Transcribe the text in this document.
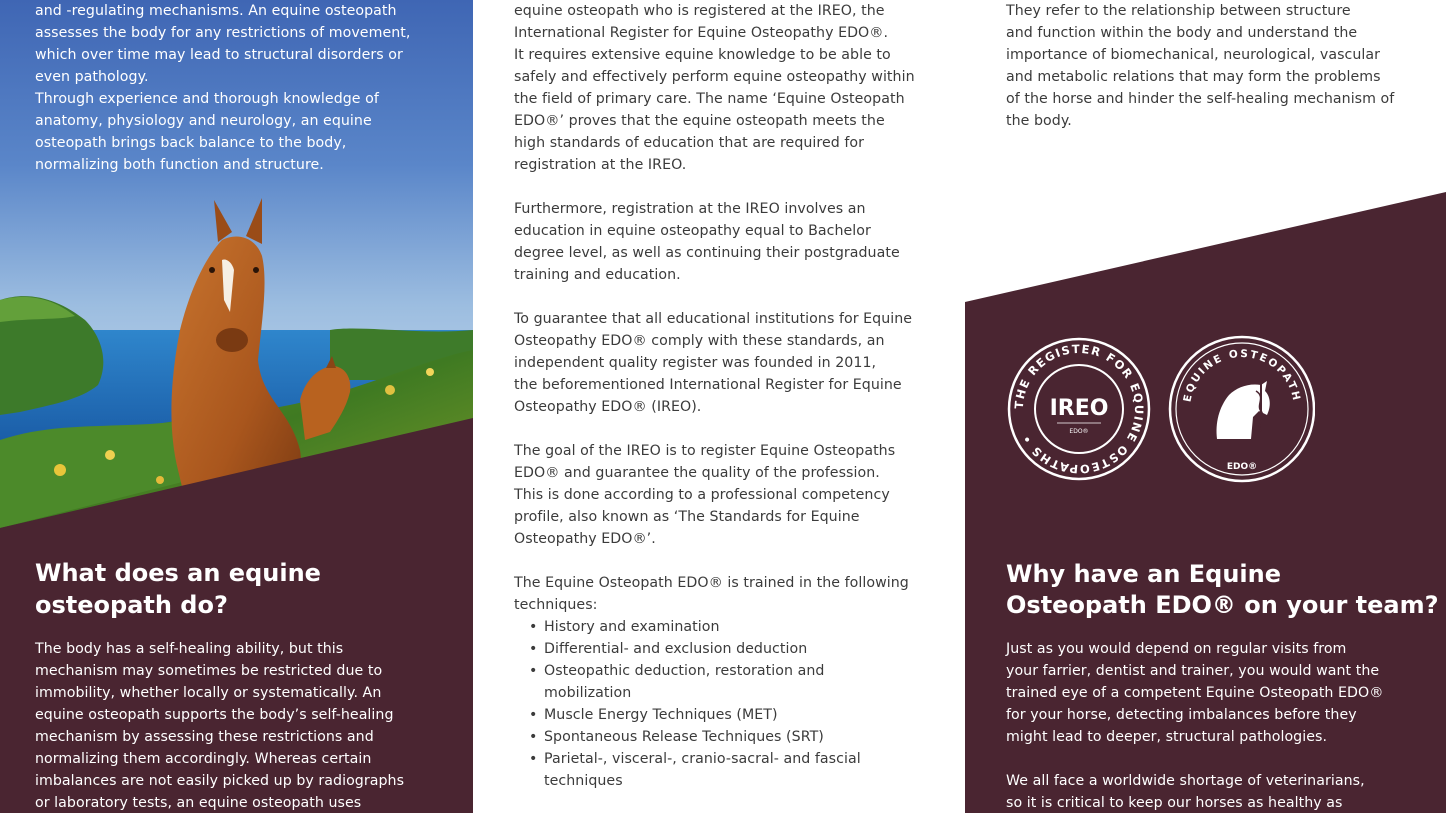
and -regulating mechanisms. An equine osteopath

assesses the body for any restrictions of movement,

which over time may lead to structural disorders or

even pathology.

Through experience and thorough knowledge of

anatomy, physiology and neurology, an equine

osteopath brings back balance to the body,

normalizing both function and structure.

What does an equine
osteopath do?

The body has a self-healing ability, but this

mechanism may sometimes be restricted due to

immobility, whether locally or systematically. An

equine osteopath supports the body’s self-healing

mechanism by assessing these restrictions and

normalizing them accordingly. Whereas certain

imbalances are not easily picked up by radiographs

or laboratory tests, an equine osteopath uses

equine osteopath who is registered at the IREO, the

International Register for Equine Osteopathy EDO®.

It requires extensive equine knowledge to be able to

safely and effectively perform equine osteopathy within

the field of primary care. The name ‘Equine Osteopath

EDO®’ proves that the equine osteopath meets the

high standards of education that are required for

registration at the IREO.

Furthermore, registration at the IREO involves an

education in equine osteopathy equal to Bachelor

degree level, as well as continuing their postgraduate

training and education.

To guarantee that all educational institutions for Equine

Osteopathy EDO® comply with these standards, an

independent quality register was founded in 2011,

the beforementioned International Register for Equine

Osteopathy EDO® (IREO).

The goal of the IREO is to register Equine Osteopaths

EDO® and guarantee the quality of the profession.

This is done according to a professional competency

profile, also known as ‘The Standards for Equine

Osteopathy EDO®’.

The Equine Osteopath EDO® is trained in the following

techniques:

• History and examination
• Differential- and exclusion deduction
• Osteopathic deduction, restoration and
mobilization
• Muscle Energy Techniques (MET)
• Spontaneous Release Techniques (SRT)
• Parietal-, visceral-, cranio-sacral- and fascial
techniques

They refer to the relationship between structure

and function within the body and understand the

importance of biomechanical, neurological, vascular

and metabolic relations that may form the problems

of the horse and hinder the self-healing mechanism of

the body.

THE REGISTER FOR EQUINE OSTEOPATHS •
IREO
EDO®
EQUINE OSTEOPATH
EDO®
Why have an Equine
Osteopath EDO® on your team?

Just as you would depend on regular visits from

your farrier, dentist and trainer, you would want the

trained eye of a competent Equine Osteopath EDO®

for your horse, detecting imbalances before they

might lead to deeper, structural pathologies.

We all face a worldwide shortage of veterinarians,

so it is critical to keep our horses as healthy as
